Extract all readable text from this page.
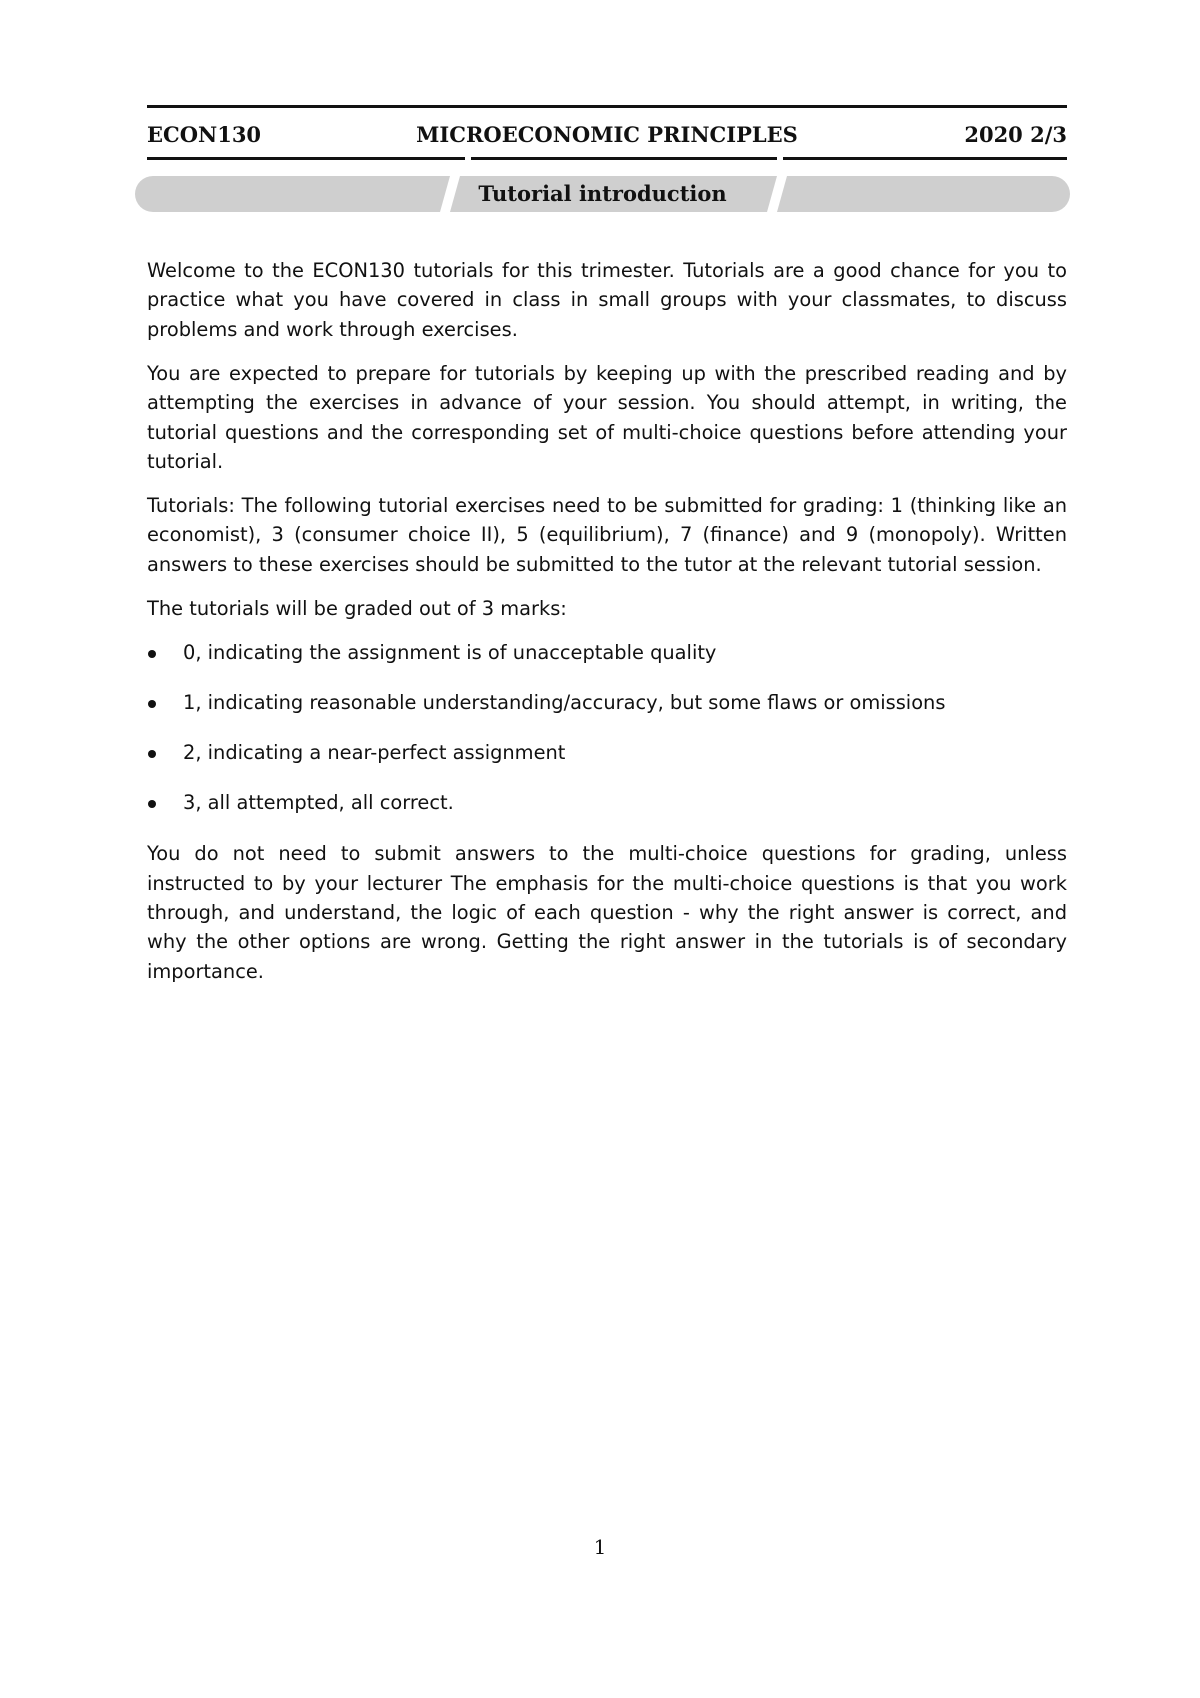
ECON130	MICROECONOMIC PRINCIPLES	2020 2/3
Tutorial introduction

Welcome to the ECON130 tutorials for this trimester. Tutorials are a good chance for you to practice what you have covered in class in small groups with your classmates, to discuss problems and work through exercises.

You are expected to prepare for tutorials by keeping up with the prescribed reading and by attempting the exercises in advance of your session. You should attempt, in writing, the tutorial questions and the corresponding set of multi-choice questions before attending your tutorial.

Tutorials: The following tutorial exercises need to be submitted for grading: 1 (thinking like an economist), 3 (consumer choice II), 5 (equilibrium), 7 (finance) and 9 (monopoly). Written answers to these exercises should be submitted to the tutor at the relevant tutorial session.

The tutorials will be graded out of 3 marks:

0, indicating the assignment is of unacceptable quality
1, indicating reasonable understanding/accuracy, but some flaws or omissions
2, indicating a near-perfect assignment
3, all attempted, all correct.

You do not need to submit answers to the multi-choice questions for grading, unless instructed to by your lecturer The emphasis for the multi-choice questions is that you work through, and understand, the logic of each question - why the right answer is correct, and why the other options are wrong. Getting the right answer in the tutorials is of secondary importance.

1
